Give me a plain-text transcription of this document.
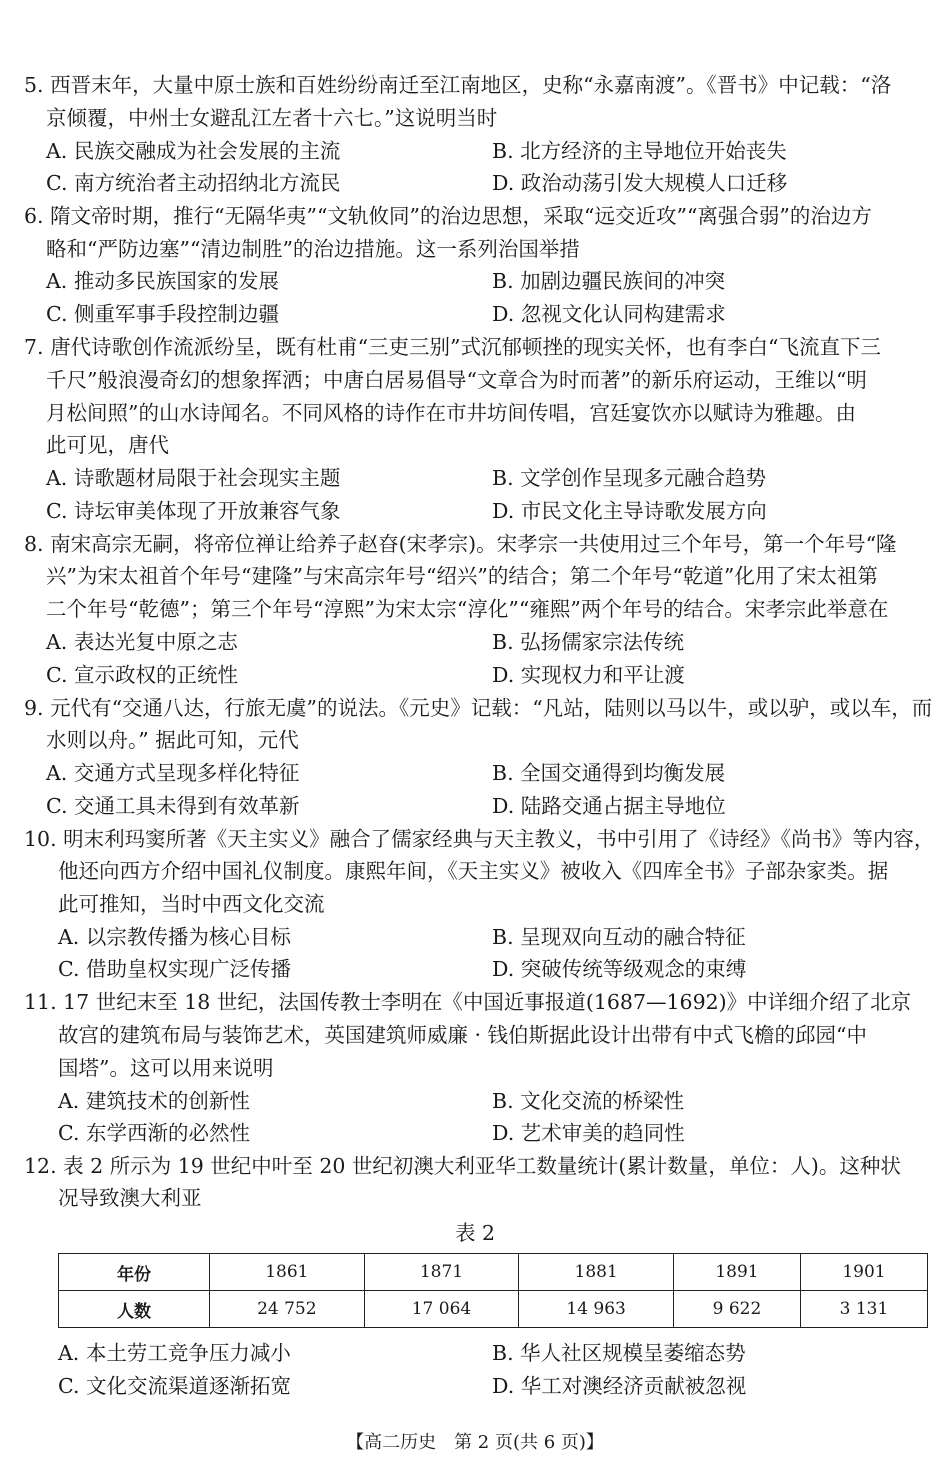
5. 西晋末年，大量中原士族和百姓纷纷南迁至江南地区，史称“永嘉南渡”。《晋书》中记载：“洛
京倾覆，中州士女避乱江左者十六七。”这说明当时
A. 民族交融成为社会发展的主流	B. 北方经济的主导地位开始丧失
C. 南方统治者主动招纳北方流民	D. 政治动荡引发大规模人口迁移
6. 隋文帝时期，推行“无隔华夷”“文轨攸同”的治边思想，采取“远交近攻”“离强合弱”的治边方
略和“严防边塞”“清边制胜”的治边措施。这一系列治国举措
A. 推动多民族国家的发展	B. 加剧边疆民族间的冲突
C. 侧重军事手段控制边疆	D. 忽视文化认同构建需求
7. 唐代诗歌创作流派纷呈，既有杜甫“三吏三别”式沉郁顿挫的现实关怀，也有李白“飞流直下三
千尺”般浪漫奇幻的想象挥洒；中唐白居易倡导“文章合为时而著”的新乐府运动，王维以“明
月松间照”的山水诗闻名。不同风格的诗作在市井坊间传唱，宫廷宴饮亦以赋诗为雅趣。由
此可见，唐代
A. 诗歌题材局限于社会现实主题	B. 文学创作呈现多元融合趋势
C. 诗坛审美体现了开放兼容气象	D. 市民文化主导诗歌发展方向
8. 南宋高宗无嗣，将帝位禅让给养子赵昚(宋孝宗)。宋孝宗一共使用过三个年号，第一个年号“隆
兴”为宋太祖首个年号“建隆”与宋高宗年号“绍兴”的结合；第二个年号“乾道”化用了宋太祖第
二个年号“乾德”；第三个年号“淳熙”为宋太宗“淳化”“雍熙”两个年号的结合。宋孝宗此举意在
A. 表达光复中原之志	B. 弘扬儒家宗法传统
C. 宣示政权的正统性	D. 实现权力和平让渡
9. 元代有“交通八达，行旅无虞”的说法。《元史》记载：“凡站，陆则以马以牛，或以驴，或以车，而
水则以舟。” 据此可知，元代
A. 交通方式呈现多样化特征	B. 全国交通得到均衡发展
C. 交通工具未得到有效革新	D. 陆路交通占据主导地位
10. 明末利玛窦所著《天主实义》融合了儒家经典与天主教义，书中引用了《诗经》《尚书》等内容，
他还向西方介绍中国礼仪制度。康熙年间，《天主实义》被收入《四库全书》子部杂家类。据
此可推知，当时中西文化交流
A. 以宗教传播为核心目标	B. 呈现双向互动的融合特征
C. 借助皇权实现广泛传播	D. 突破传统等级观念的束缚
11. 17 世纪末至 18 世纪，法国传教士李明在《中国近事报道(1687—1692)》中详细介绍了北京
故宫的建筑布局与装饰艺术，英国建筑师威廉 · 钱伯斯据此设计出带有中式飞檐的邱园“中
国塔”。这可以用来说明
A. 建筑技术的创新性	B. 文化交流的桥梁性
C. 东学西渐的必然性	D. 艺术审美的趋同性
12. 表 2 所示为 19 世纪中叶至 20 世纪初澳大利亚华工数量统计(累计数量，单位：人)。这种状
况导致澳大利亚
表 2
年份	1861	1871	1881	1891	1901
人数	24 752	17 064	14 963	9 622	3 131
A. 本土劳工竞争压力减小	B. 华人社区规模呈萎缩态势
C. 文化交流渠道逐渐拓宽	D. 华工对澳经济贡献被忽视
【高二历史　第 2 页(共 6 页)】
